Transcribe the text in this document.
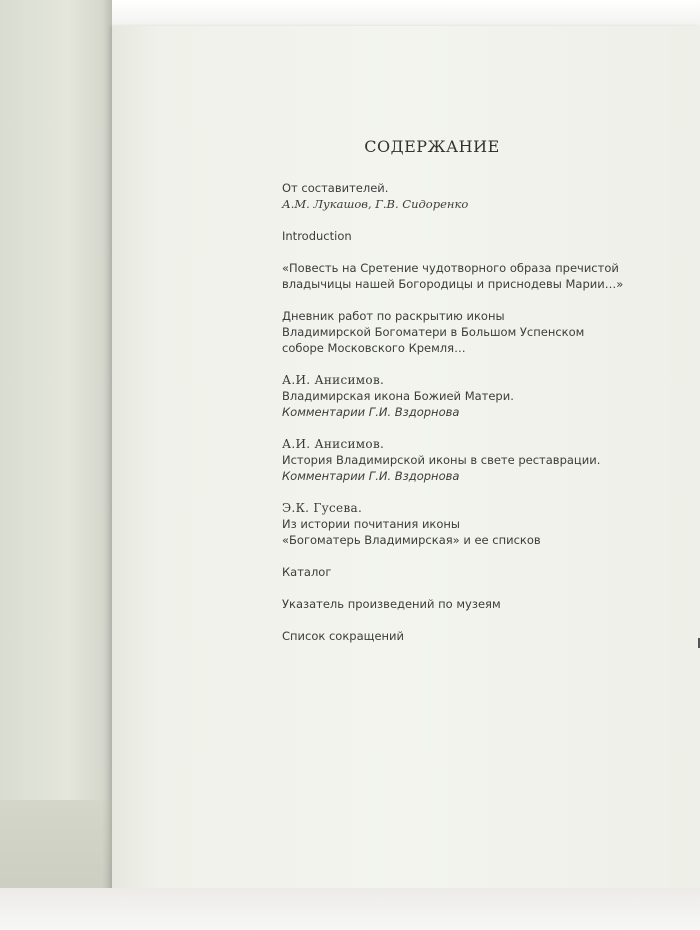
СОДЕРЖАНИЕ
От составителей.
А.М. Лукашов, Г.В. Сидоренко
Introduction
«Повесть на Сретение чудотворного образа пречистой
владычицы нашей Богородицы и приснодевы Марии…»
Дневник работ по раскрытию иконы
Владимирской Богоматери в Большом Успенском
соборе Московского Кремля…
А.И. Анисимов.
Владимирская икона Божией Матери.
Комментарии Г.И. Вздорнова
А.И. Анисимов.
История Владимирской иконы в свете реставрации.
Комментарии Г.И. Вздорнова
Э.К. Гусева.
Из истории почитания иконы
«Богоматерь Владимирская» и ее списков
Каталог
Указатель произведений по музеям
Список сокращений
